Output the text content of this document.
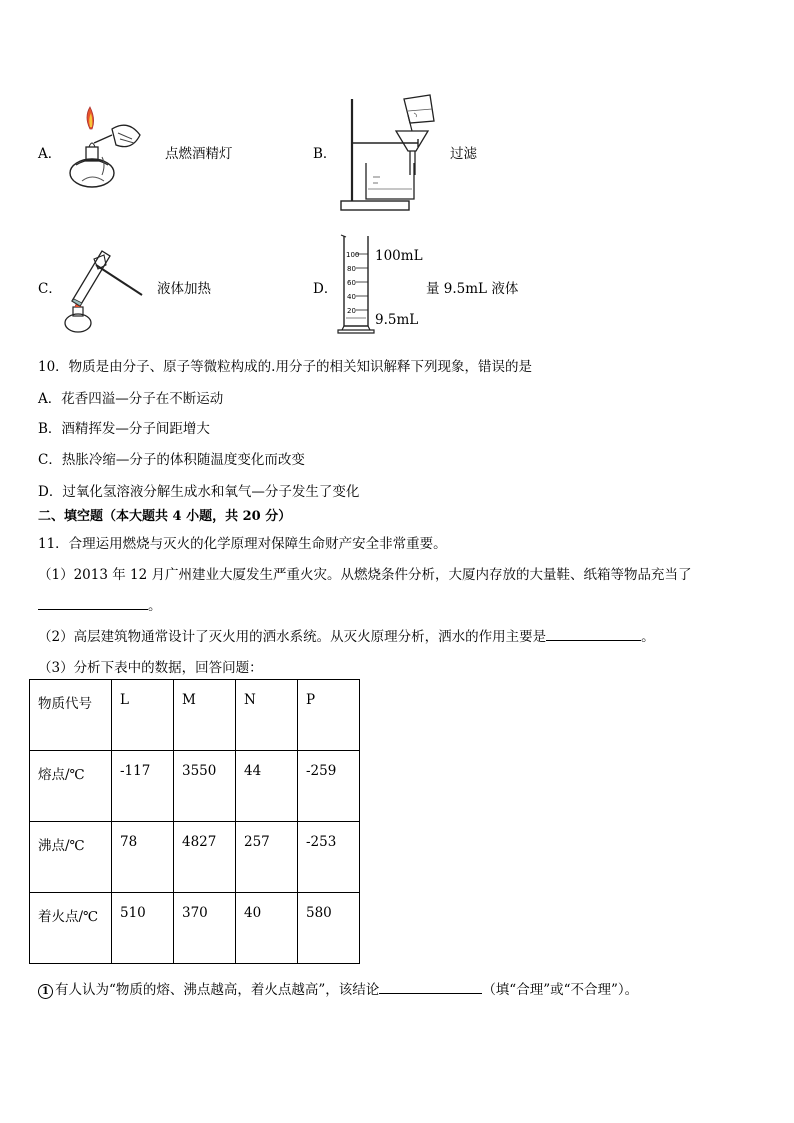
A．	点燃酒精灯	B．	过滤
C．	液体加热	D．
100
80
60
40
20
100mL
9.5mL
量 9.5mL 液体
10．物质是由分子、原子等微粒构成的.用分子的相关知识解释下列现象，错误的是
A．花香四溢—分子在不断运动
B．酒精挥发—分子间距增大
C．热胀冷缩—分子的体积随温度变化而改变
D．过氧化氢溶液分解生成水和氧气—分子发生了变化
二、填空题（本大题共 4 小题，共 20 分）
11．合理运用燃烧与灭火的化学原理对保障生命财产安全非常重要。
（1）2013 年 12 月广州建业大厦发生严重火灾。从燃烧条件分析，大厦内存放的大量鞋、纸箱等物品充当了
。
（2）高层建筑物通常设计了灭火用的洒水系统。从灭火原理分析，洒水的作用主要是	。
（3）分析下表中的数据，回答问题：
物质代号	L	M	N	P
熔点/℃	-117	3550	44	-259
沸点/℃	78	4827	257	-253
着火点/℃	510	370	40	580
1 有人认为“物质的熔、沸点越高，着火点越高”，该结论	（填“合理”或“不合理”）。
